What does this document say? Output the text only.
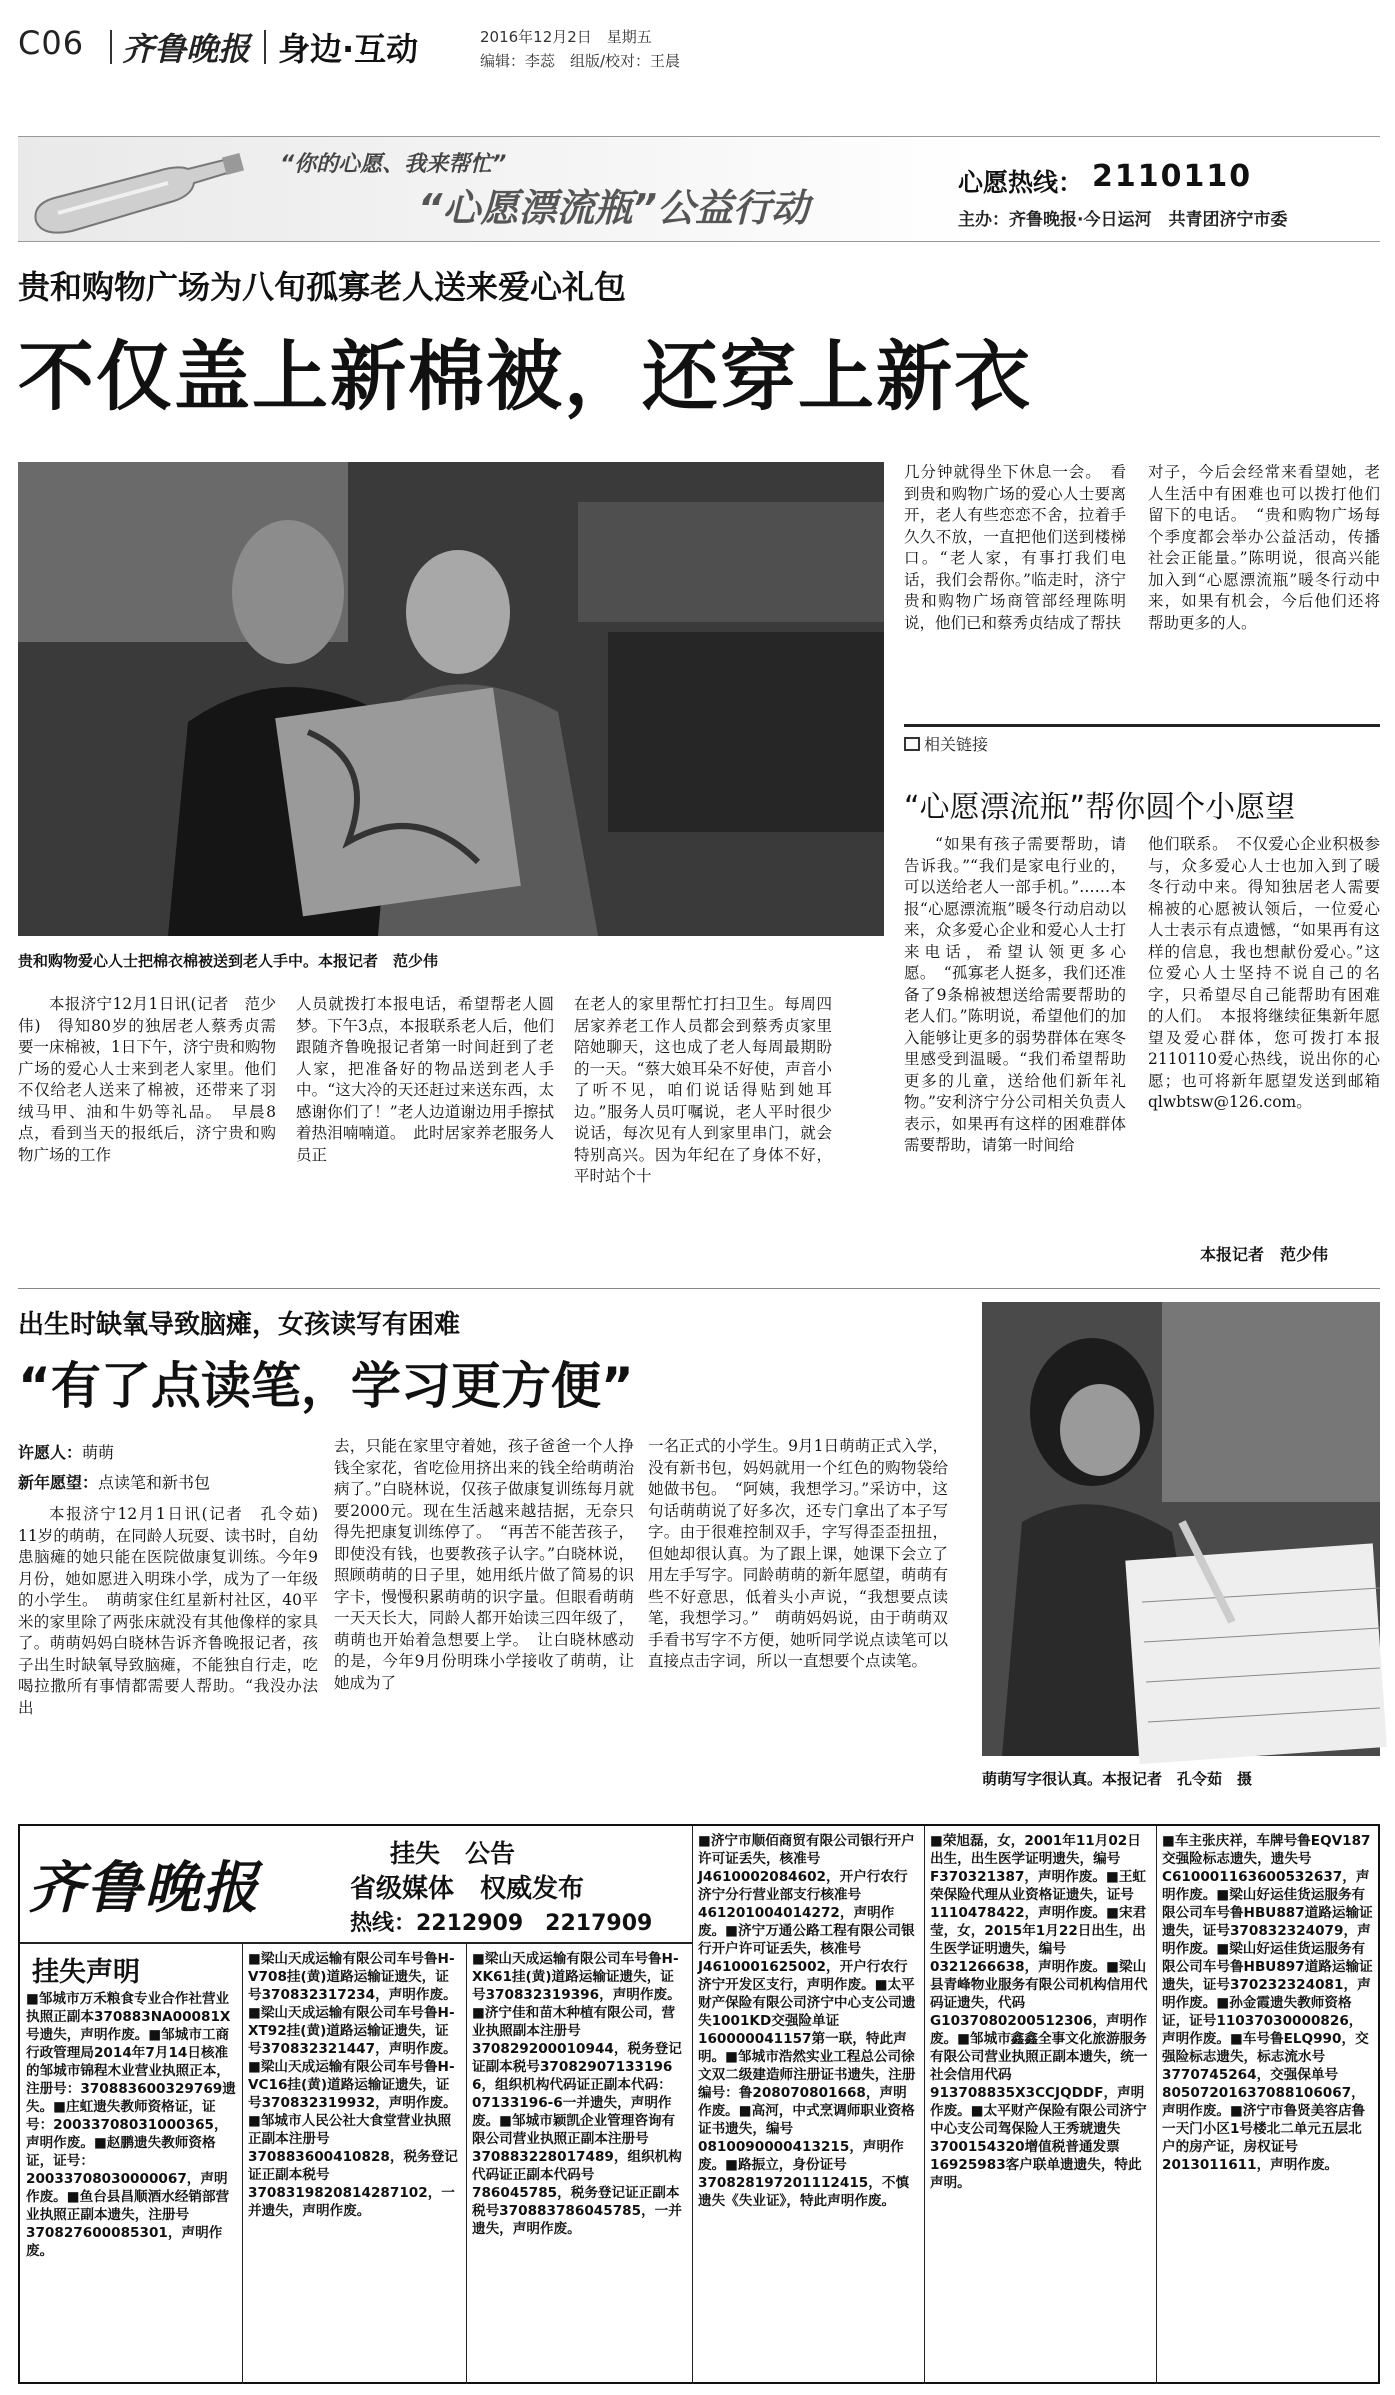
C06 齐鲁晚报 身边·互动	2016年12月2日　星期五
编辑：李蕊　组版/校对：王晨
“你的心愿、我来帮忙”
“心愿漂流瓶”公益行动
心愿热线： 2110110
主办：齐鲁晚报·今日运河　共青团济宁市委
贵和购物广场为八旬孤寡老人送来爱心礼包
不仅盖上新棉被，还穿上新衣
贵和购物爱心人士把棉衣棉被送到老人手中。本报记者　范少伟

本报济宁12月1日讯(记者　范少伟)　得知80岁的独居老人蔡秀贞需要一床棉被，1日下午，济宁贵和购物广场的爱心人士来到老人家里。他们不仅给老人送来了棉被，还带来了羽绒马甲、油和牛奶等礼品。　早晨8点，看到当天的报纸后，济宁贵和购物广场的工作

人员就拨打本报电话，希望帮老人圆梦。下午3点，本报联系老人后，他们跟随齐鲁晚报记者第一时间赶到了老人家，把准备好的物品送到老人手中。“这大冷的天还赶过来送东西，太感谢你们了！”老人边道谢边用手擦拭着热泪喃喃道。　此时居家养老服务人员正

在老人的家里帮忙打扫卫生。每周四居家养老工作人员都会到蔡秀贞家里陪她聊天，这也成了老人每周最期盼的一天。“蔡大娘耳朵不好使，声音小了听不见，咱们说话得贴到她耳边。”服务人员叮嘱说，老人平时很少说话，每次见有人到家里串门，就会特别高兴。因为年纪在了身体不好，平时站个十

几分钟就得坐下休息一会。　看到贵和购物广场的爱心人士要离开，老人有些恋恋不舍，拉着手久久不放，一直把他们送到楼梯口。“老人家，有事打我们电话，我们会帮你。”临走时，济宁贵和购物广场商管部经理陈明说，他们已和蔡秀贞结成了帮扶

对子，今后会经常来看望她，老人生活中有困难也可以拨打他们留下的电话。　“贵和购物广场每个季度都会举办公益活动，传播社会正能量。”陈明说，很高兴能加入到“心愿漂流瓶”暖冬行动中来，如果有机会，今后他们还将帮助更多的人。

相关链接
“心愿漂流瓶”帮你圆个小愿望

“如果有孩子需要帮助，请告诉我。”“我们是家电行业的，可以送给老人一部手机。”……本报“心愿漂流瓶”暖冬行动启动以来，众多爱心企业和爱心人士打来电话，希望认领更多心愿。　“孤寡老人挺多，我们还准备了9条棉被想送给需要帮助的老人们。”陈明说，希望他们的加入能够让更多的弱势群体在寒冬里感受到温暖。“我们希望帮助更多的儿童，送给他们新年礼物。”安利济宁分公司相关负责人表示，如果再有这样的困难群体需要帮助，请第一时间给

他们联系。　不仅爱心企业积极参与，众多爱心人士也加入到了暖冬行动中来。得知独居老人需要棉被的心愿被认领后，一位爱心人士表示有点遗憾，“如果再有这样的信息，我也想献份爱心。”这位爱心人士坚持不说自己的名字，只希望尽自己能帮助有困难的人们。　本报将继续征集新年愿望及爱心群体，您可拨打本报2110110爱心热线，说出你的心愿；也可将新年愿望发送到邮箱qlwbtsw@126.com。

本报记者　范少伟
出生时缺氧导致脑瘫，女孩读写有困难
“有了点读笔，学习更方便”
许愿人：萌萌
新年愿望：点读笔和新书包

本报济宁12月1日讯(记者　孔令茹)　11岁的萌萌，在同龄人玩耍、读书时，自幼患脑瘫的她只能在医院做康复训练。今年9月份，她如愿进入明珠小学，成为了一年级的小学生。　萌萌家住红星新村社区，40平米的家里除了两张床就没有其他像样的家具了。萌萌妈妈白晓林告诉齐鲁晚报记者，孩子出生时缺氧导致脑瘫，不能独自行走，吃喝拉撒所有事情都需要人帮助。“我没办法出

去，只能在家里守着她，孩子爸爸一个人挣钱全家花，省吃俭用挤出来的钱全给萌萌治病了。”白晓林说，仅孩子做康复训练每月就要2000元。现在生活越来越拮据，无奈只得先把康复训练停了。　“再苦不能苦孩子，即使没有钱，也要教孩子认字。”白晓林说，照顾萌萌的日子里，她用纸片做了简易的识字卡，慢慢积累萌萌的识字量。但眼看萌萌一天天长大，同龄人都开始读三四年级了，萌萌也开始着急想要上学。　让白晓林感动的是，今年9月份明珠小学接收了萌萌，让她成为了

一名正式的小学生。9月1日萌萌正式入学，没有新书包，妈妈就用一个红色的购物袋给她做书包。　“阿姨，我想学习。”采访中，这句话萌萌说了好多次，还专门拿出了本子写字。由于很难控制双手，字写得歪歪扭扭，但她却很认真。为了跟上课，她课下会立了用左手写字。同龄萌萌的新年愿望，萌萌有些不好意思，低着头小声说，“我想要点读笔，我想学习。”　萌萌妈妈说，由于萌萌双手看书写字不方便，她听同学说点读笔可以直接点击字词，所以一直想要个点读笔。

萌萌写字很认真。本报记者　孔令茹　摄
齐鲁晚报
挂失　公告
省级媒体　权威发布
热线：2212909　2217909
挂失声明
■邹城市万禾粮食专业合作社营业执照正副本370883NA00081X号遗失，声明作废。■邹城市工商行政管理局2014年7月14日核准的邹城市锦程木业营业执照正本，注册号：370883600329769遗失。■庄虹遗失教师资格证，证号：20033708031000365，声明作废。■赵鹏遗失教师资格证，证号：20033708030000067，声明作废。■鱼台县昌顺酒水经销部营业执照正副本遗失，注册号370827600085301，声明作废。
■梁山天成运输有限公司车号鲁H-V708挂(黄)道路运输证遗失，证号370832317234，声明作废。■梁山天成运输有限公司车号鲁H-XT92挂(黄)道路运输证遗失，证号370832321447，声明作废。■梁山天成运输有限公司车号鲁H-VC16挂(黄)道路运输证遗失，证号370832319932，声明作废。■邹城市人民公社大食堂营业执照正副本注册号370883600410828，税务登记证正副本税号370831982081428710​2，一并遗失，声明作废。
■梁山天成运输有限公司车号鲁H-XK61挂(黄)道路运输证遗失，证号370832319396，声明作废。■济宁佳和苗木种植有限公司，营业执照副本注册号370829200010944，税务登记证副本税号37082907133196​6，组织机构代码证正副本代码：07133196-6一并遗失，声明作废。■邹城市颖凯企业管理咨询有限公司营业执照正副本注册号370883228017489，组织机构代码证正副本代码号786045785，税务登记证正副本税号370883786045785，一并遗失，声明作废。
■济宁市顺佰商贸有限公司银行开户许可证丢失，核准号J4610002084602，开户行农行济宁分行营业部支行核准号461201004014272，声明作废。■济宁万通公路工程有限公司银行开户许可证丢失，核准号J4610001625002，开户行农行济宁开发区支行，声明作废。■太平财产保险有限公司济宁中心支公司遗失1001KD交强险单证160000041157第一联，特此声明。■邹城市浩然实业工程总公司徐文双二级建造师注册证书遗失，注册编号：鲁208070801668，声明作废。■高河，中式烹调师职业资格证书遗失，编号0810090000413215，声明作废。■路振立，身份证号370828197201112415，不慎遗失《失业证》，特此声明作废。
■荣旭磊，女，2001年11月02日出生，出生医学证明遗失，编号F370321387，声明作废。■王虹荣保险代理从业资格证遗失，证号1110478422，声明作废。■宋君莹，女，2015年1月22日出生，出生医学证明遗失，编号0321266638，声明作废。■梁山县青峰物业服务有限公司机构信用代码证遗失，代码G1037080200512306，声明作废。■邹城市鑫鑫全事文化旅游服务有限公司营业执照正副本遗失，统一社会信用代码913708835X3CCJQDDF，声明作废。■太平财产保险有限公司济宁中心支公司驾保险人王秀琥遗失3700154320增值税普通发票16925983客户联单遗遗失，特此声明。
■车主张庆祥，车牌号鲁EQV187交强险标志遗失，遗失号C610001163600532637，声明作废。■梁山好运佳货运服务有限公司车号鲁HBU887道路运输证遗失，证号370832324079，声明作废。■梁山好运佳货运服务有限公司车号鲁HBU897道路运输证遗失，证号370232324081，声明作废。■孙金霞遗失教师资格证，证号11037030000826，声明作废。■车号鲁ELQ990，交强险标志遗失，标志流水号3770745264，交强保单号80507201637088106067，声明作废。■济宁市鲁贤美容店鲁一天门小区1号楼北二单元五层北户的房产证，房权证号2013011611，声明作废。
